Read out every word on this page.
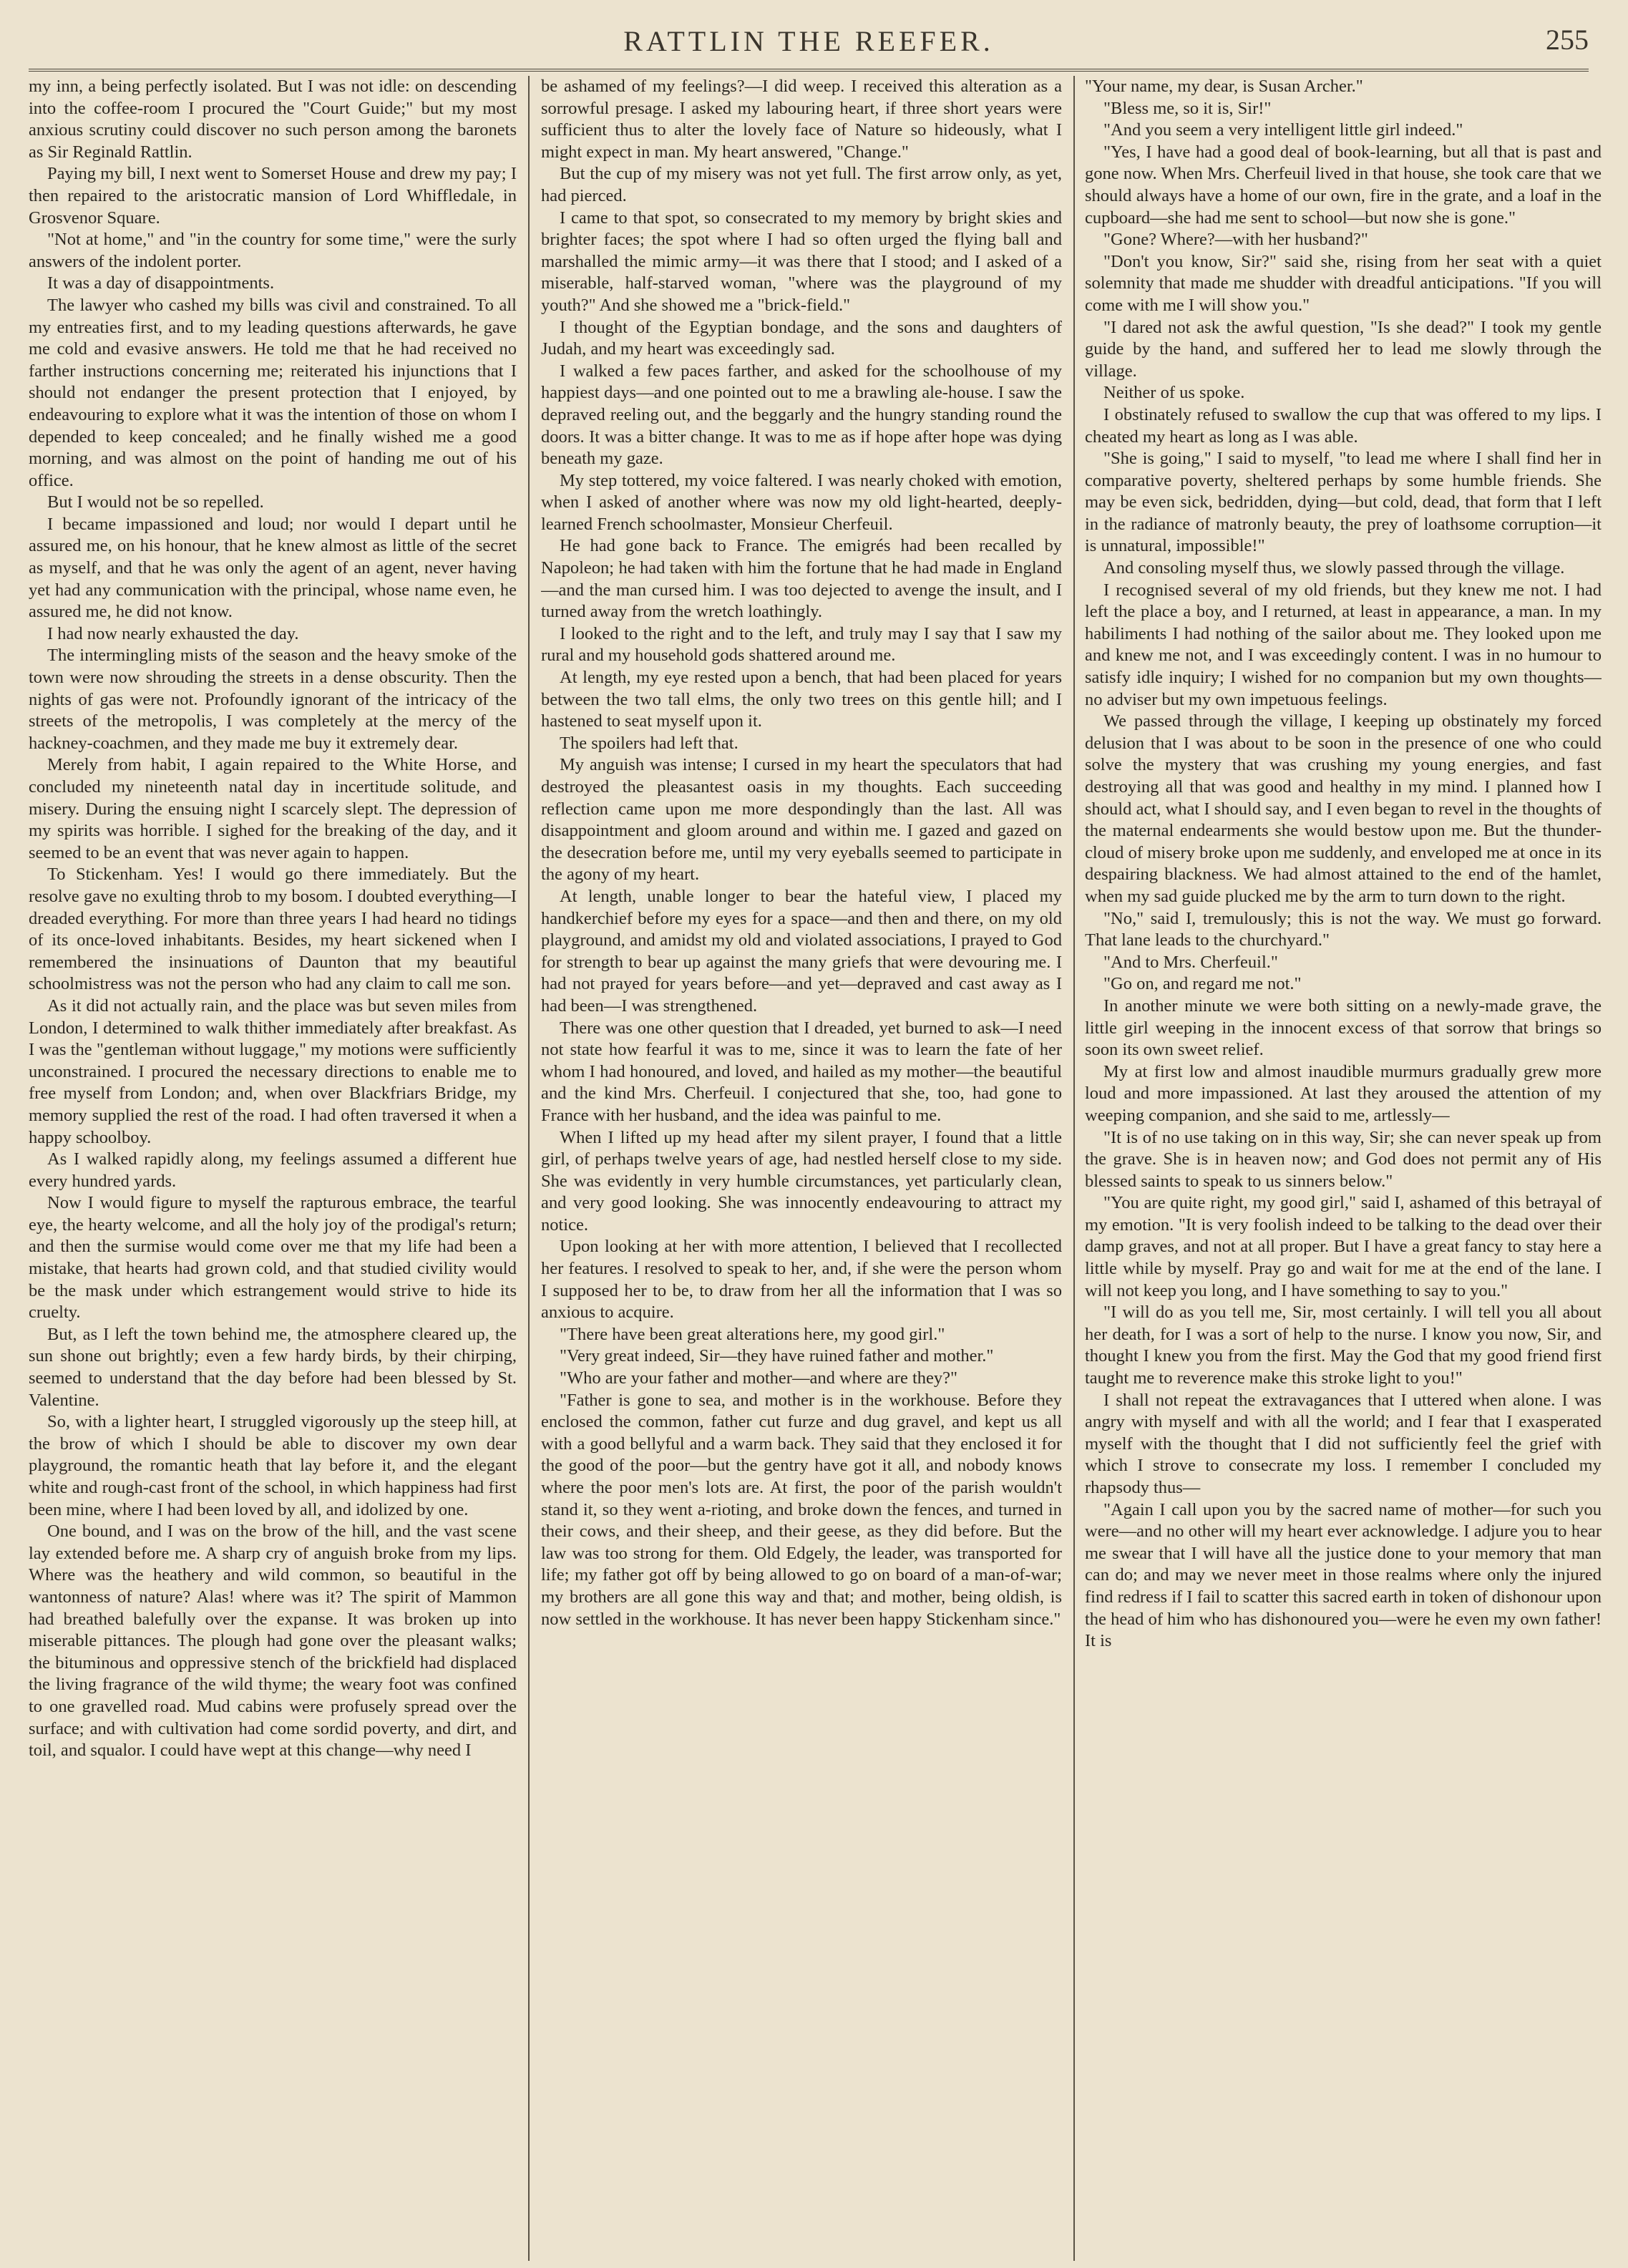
RATTLIN THE REEFER.	255

my inn, a being perfectly isolated. But I was not idle: on descending into the coffee-room I procured the "Court Guide;" but my most anxious scrutiny could discover no such person among the baronets as Sir Reginald Rattlin.

Paying my bill, I next went to Somerset House and drew my pay; I then repaired to the aristocratic mansion of Lord Whiffledale, in Grosvenor Square.

"Not at home," and "in the country for some time," were the surly answers of the indolent porter.

It was a day of disappointments.

The lawyer who cashed my bills was civil and constrained. To all my entreaties first, and to my leading questions afterwards, he gave me cold and evasive answers. He told me that he had received no farther instructions concerning me; reiterated his injunctions that I should not endanger the present protection that I enjoyed, by endeavouring to explore what it was the intention of those on whom I depended to keep concealed; and he finally wished me a good morning, and was almost on the point of handing me out of his office.

But I would not be so repelled.

I became impassioned and loud; nor would I depart until he assured me, on his honour, that he knew almost as little of the secret as myself, and that he was only the agent of an agent, never having yet had any communication with the principal, whose name even, he assured me, he did not know.

I had now nearly exhausted the day.

The intermingling mists of the season and the heavy smoke of the town were now shrouding the streets in a dense obscurity. Then the nights of gas were not. Profoundly ignorant of the intricacy of the streets of the metropolis, I was completely at the mercy of the hackney-coachmen, and they made me buy it extremely dear.

Merely from habit, I again repaired to the White Horse, and concluded my nineteenth natal day in incertitude solitude, and misery. During the ensuing night I scarcely slept. The depression of my spirits was horrible. I sighed for the breaking of the day, and it seemed to be an event that was never again to happen.

To Stickenham. Yes! I would go there immediately. But the resolve gave no exulting throb to my bosom. I doubted everything—I dreaded everything. For more than three years I had heard no tidings of its once-loved inhabitants. Besides, my heart sickened when I remembered the insinuations of Daunton that my beautiful schoolmistress was not the person who had any claim to call me son.

As it did not actually rain, and the place was but seven miles from London, I determined to walk thither immediately after breakfast. As I was the "gentleman without luggage," my motions were sufficiently unconstrained. I procured the necessary directions to enable me to free myself from London; and, when over Blackfriars Bridge, my memory supplied the rest of the road. I had often traversed it when a happy schoolboy.

As I walked rapidly along, my feelings assumed a different hue every hundred yards.

Now I would figure to myself the rapturous embrace, the tearful eye, the hearty welcome, and all the holy joy of the prodigal's return; and then the surmise would come over me that my life had been a mistake, that hearts had grown cold, and that studied civility would be the mask under which estrangement would strive to hide its cruelty.

But, as I left the town behind me, the atmosphere cleared up, the sun shone out brightly; even a few hardy birds, by their chirping, seemed to understand that the day before had been blessed by St. Valentine.

So, with a lighter heart, I struggled vigorously up the steep hill, at the brow of which I should be able to discover my own dear playground, the romantic heath that lay before it, and the elegant white and rough-cast front of the school, in which happiness had first been mine, where I had been loved by all, and idolized by one.

One bound, and I was on the brow of the hill, and the vast scene lay extended before me. A sharp cry of anguish broke from my lips. Where was the heathery and wild common, so beautiful in the wantonness of nature? Alas! where was it? The spirit of Mammon had breathed balefully over the expanse. It was broken up into miserable pittances. The plough had gone over the pleasant walks; the bituminous and oppressive stench of the brickfield had displaced the living fragrance of the wild thyme; the weary foot was confined to one gravelled road. Mud cabins were profusely spread over the surface; and with cultivation had come sordid poverty, and dirt, and toil, and squalor. I could have wept at this change—why need I

be ashamed of my feelings?—I did weep. I received this alteration as a sorrowful presage. I asked my labouring heart, if three short years were sufficient thus to alter the lovely face of Nature so hideously, what I might expect in man. My heart answered, "Change."

But the cup of my misery was not yet full. The first arrow only, as yet, had pierced.

I came to that spot, so consecrated to my memory by bright skies and brighter faces; the spot where I had so often urged the flying ball and marshalled the mimic army—it was there that I stood; and I asked of a miserable, half-starved woman, "where was the playground of my youth?" And she showed me a "brick-field."

I thought of the Egyptian bondage, and the sons and daughters of Judah, and my heart was exceedingly sad.

I walked a few paces farther, and asked for the schoolhouse of my happiest days—and one pointed out to me a brawling ale-house. I saw the depraved reeling out, and the beggarly and the hungry standing round the doors. It was a bitter change. It was to me as if hope after hope was dying beneath my gaze.

My step tottered, my voice faltered. I was nearly choked with emotion, when I asked of another where was now my old light-hearted, deeply-learned French schoolmaster, Monsieur Cherfeuil.

He had gone back to France. The emigrés had been recalled by Napoleon; he had taken with him the fortune that he had made in England—and the man cursed him. I was too dejected to avenge the insult, and I turned away from the wretch loathingly.

I looked to the right and to the left, and truly may I say that I saw my rural and my household gods shattered around me.

At length, my eye rested upon a bench, that had been placed for years between the two tall elms, the only two trees on this gentle hill; and I hastened to seat myself upon it.

The spoilers had left that.

My anguish was intense; I cursed in my heart the speculators that had destroyed the pleasantest oasis in my thoughts. Each succeeding reflection came upon me more despondingly than the last. All was disappointment and gloom around and within me. I gazed and gazed on the desecration before me, until my very eyeballs seemed to participate in the agony of my heart.

At length, unable longer to bear the hateful view, I placed my handkerchief before my eyes for a space—and then and there, on my old playground, and amidst my old and violated associations, I prayed to God for strength to bear up against the many griefs that were devouring me. I had not prayed for years before—and yet—depraved and cast away as I had been—I was strengthened.

There was one other question that I dreaded, yet burned to ask—I need not state how fearful it was to me, since it was to learn the fate of her whom I had honoured, and loved, and hailed as my mother—the beautiful and the kind Mrs. Cherfeuil. I conjectured that she, too, had gone to France with her husband, and the idea was painful to me.

When I lifted up my head after my silent prayer, I found that a little girl, of perhaps twelve years of age, had nestled herself close to my side. She was evidently in very humble circumstances, yet particularly clean, and very good looking. She was innocently endeavouring to attract my notice.

Upon looking at her with more attention, I believed that I recollected her features. I resolved to speak to her, and, if she were the person whom I supposed her to be, to draw from her all the information that I was so anxious to acquire.

"There have been great alterations here, my good girl."

"Very great indeed, Sir—they have ruined father and mother."

"Who are your father and mother—and where are they?"

"Father is gone to sea, and mother is in the workhouse. Before they enclosed the common, father cut furze and dug gravel, and kept us all with a good bellyful and a warm back. They said that they enclosed it for the good of the poor—but the gentry have got it all, and nobody knows where the poor men's lots are. At first, the poor of the parish wouldn't stand it, so they went a-rioting, and broke down the fences, and turned in their cows, and their sheep, and their geese, as they did before. But the law was too strong for them. Old Edgely, the leader, was transported for life; my father got off by being allowed to go on board of a man-of-war; my brothers are all gone this way and that; and mother, being oldish, is now settled in the workhouse. It has never been happy Stickenham since."

"Your name, my dear, is Susan Archer."

"Bless me, so it is, Sir!"

"And you seem a very intelligent little girl indeed."

"Yes, I have had a good deal of book-learning, but all that is past and gone now. When Mrs. Cherfeuil lived in that house, she took care that we should always have a home of our own, fire in the grate, and a loaf in the cupboard—she had me sent to school—but now she is gone."

"Gone? Where?—with her husband?"

"Don't you know, Sir?" said she, rising from her seat with a quiet solemnity that made me shudder with dreadful anticipations. "If you will come with me I will show you."

"I dared not ask the awful question, "Is she dead?" I took my gentle guide by the hand, and suffered her to lead me slowly through the village.

Neither of us spoke.

I obstinately refused to swallow the cup that was offered to my lips. I cheated my heart as long as I was able.

"She is going," I said to myself, "to lead me where I shall find her in comparative poverty, sheltered perhaps by some humble friends. She may be even sick, bedridden, dying—but cold, dead, that form that I left in the radiance of matronly beauty, the prey of loathsome corruption—it is unnatural, impossible!"

And consoling myself thus, we slowly passed through the village.

I recognised several of my old friends, but they knew me not. I had left the place a boy, and I returned, at least in appearance, a man. In my habiliments I had nothing of the sailor about me. They looked upon me and knew me not, and I was exceedingly content. I was in no humour to satisfy idle inquiry; I wished for no companion but my own thoughts—no adviser but my own impetuous feelings.

We passed through the village, I keeping up obstinately my forced delusion that I was about to be soon in the presence of one who could solve the mystery that was crushing my young energies, and fast destroying all that was good and healthy in my mind. I planned how I should act, what I should say, and I even began to revel in the thoughts of the maternal endearments she would bestow upon me. But the thunder-cloud of misery broke upon me suddenly, and enveloped me at once in its despairing blackness. We had almost attained to the end of the hamlet, when my sad guide plucked me by the arm to turn down to the right.

"No," said I, tremulously; this is not the way. We must go forward. That lane leads to the churchyard."

"And to Mrs. Cherfeuil."

"Go on, and regard me not."

In another minute we were both sitting on a newly-made grave, the little girl weeping in the innocent excess of that sorrow that brings so soon its own sweet relief.

My at first low and almost inaudible murmurs gradually grew more loud and more impassioned. At last they aroused the attention of my weeping companion, and she said to me, artlessly—

"It is of no use taking on in this way, Sir; she can never speak up from the grave. She is in heaven now; and God does not permit any of His blessed saints to speak to us sinners below."

"You are quite right, my good girl," said I, ashamed of this betrayal of my emotion. "It is very foolish indeed to be talking to the dead over their damp graves, and not at all proper. But I have a great fancy to stay here a little while by myself. Pray go and wait for me at the end of the lane. I will not keep you long, and I have something to say to you."

"I will do as you tell me, Sir, most certainly. I will tell you all about her death, for I was a sort of help to the nurse. I know you now, Sir, and thought I knew you from the first. May the God that my good friend first taught me to reverence make this stroke light to you!"

I shall not repeat the extravagances that I uttered when alone. I was angry with myself and with all the world; and I fear that I exasperated myself with the thought that I did not sufficiently feel the grief with which I strove to consecrate my loss. I remember I concluded my rhapsody thus—

"Again I call upon you by the sacred name of mother—for such you were—and no other will my heart ever acknowledge. I adjure you to hear me swear that I will have all the justice done to your memory that man can do; and may we never meet in those realms where only the injured find redress if I fail to scatter this sacred earth in token of dishonour upon the head of him who has dishonoured you—were he even my own father! It is
